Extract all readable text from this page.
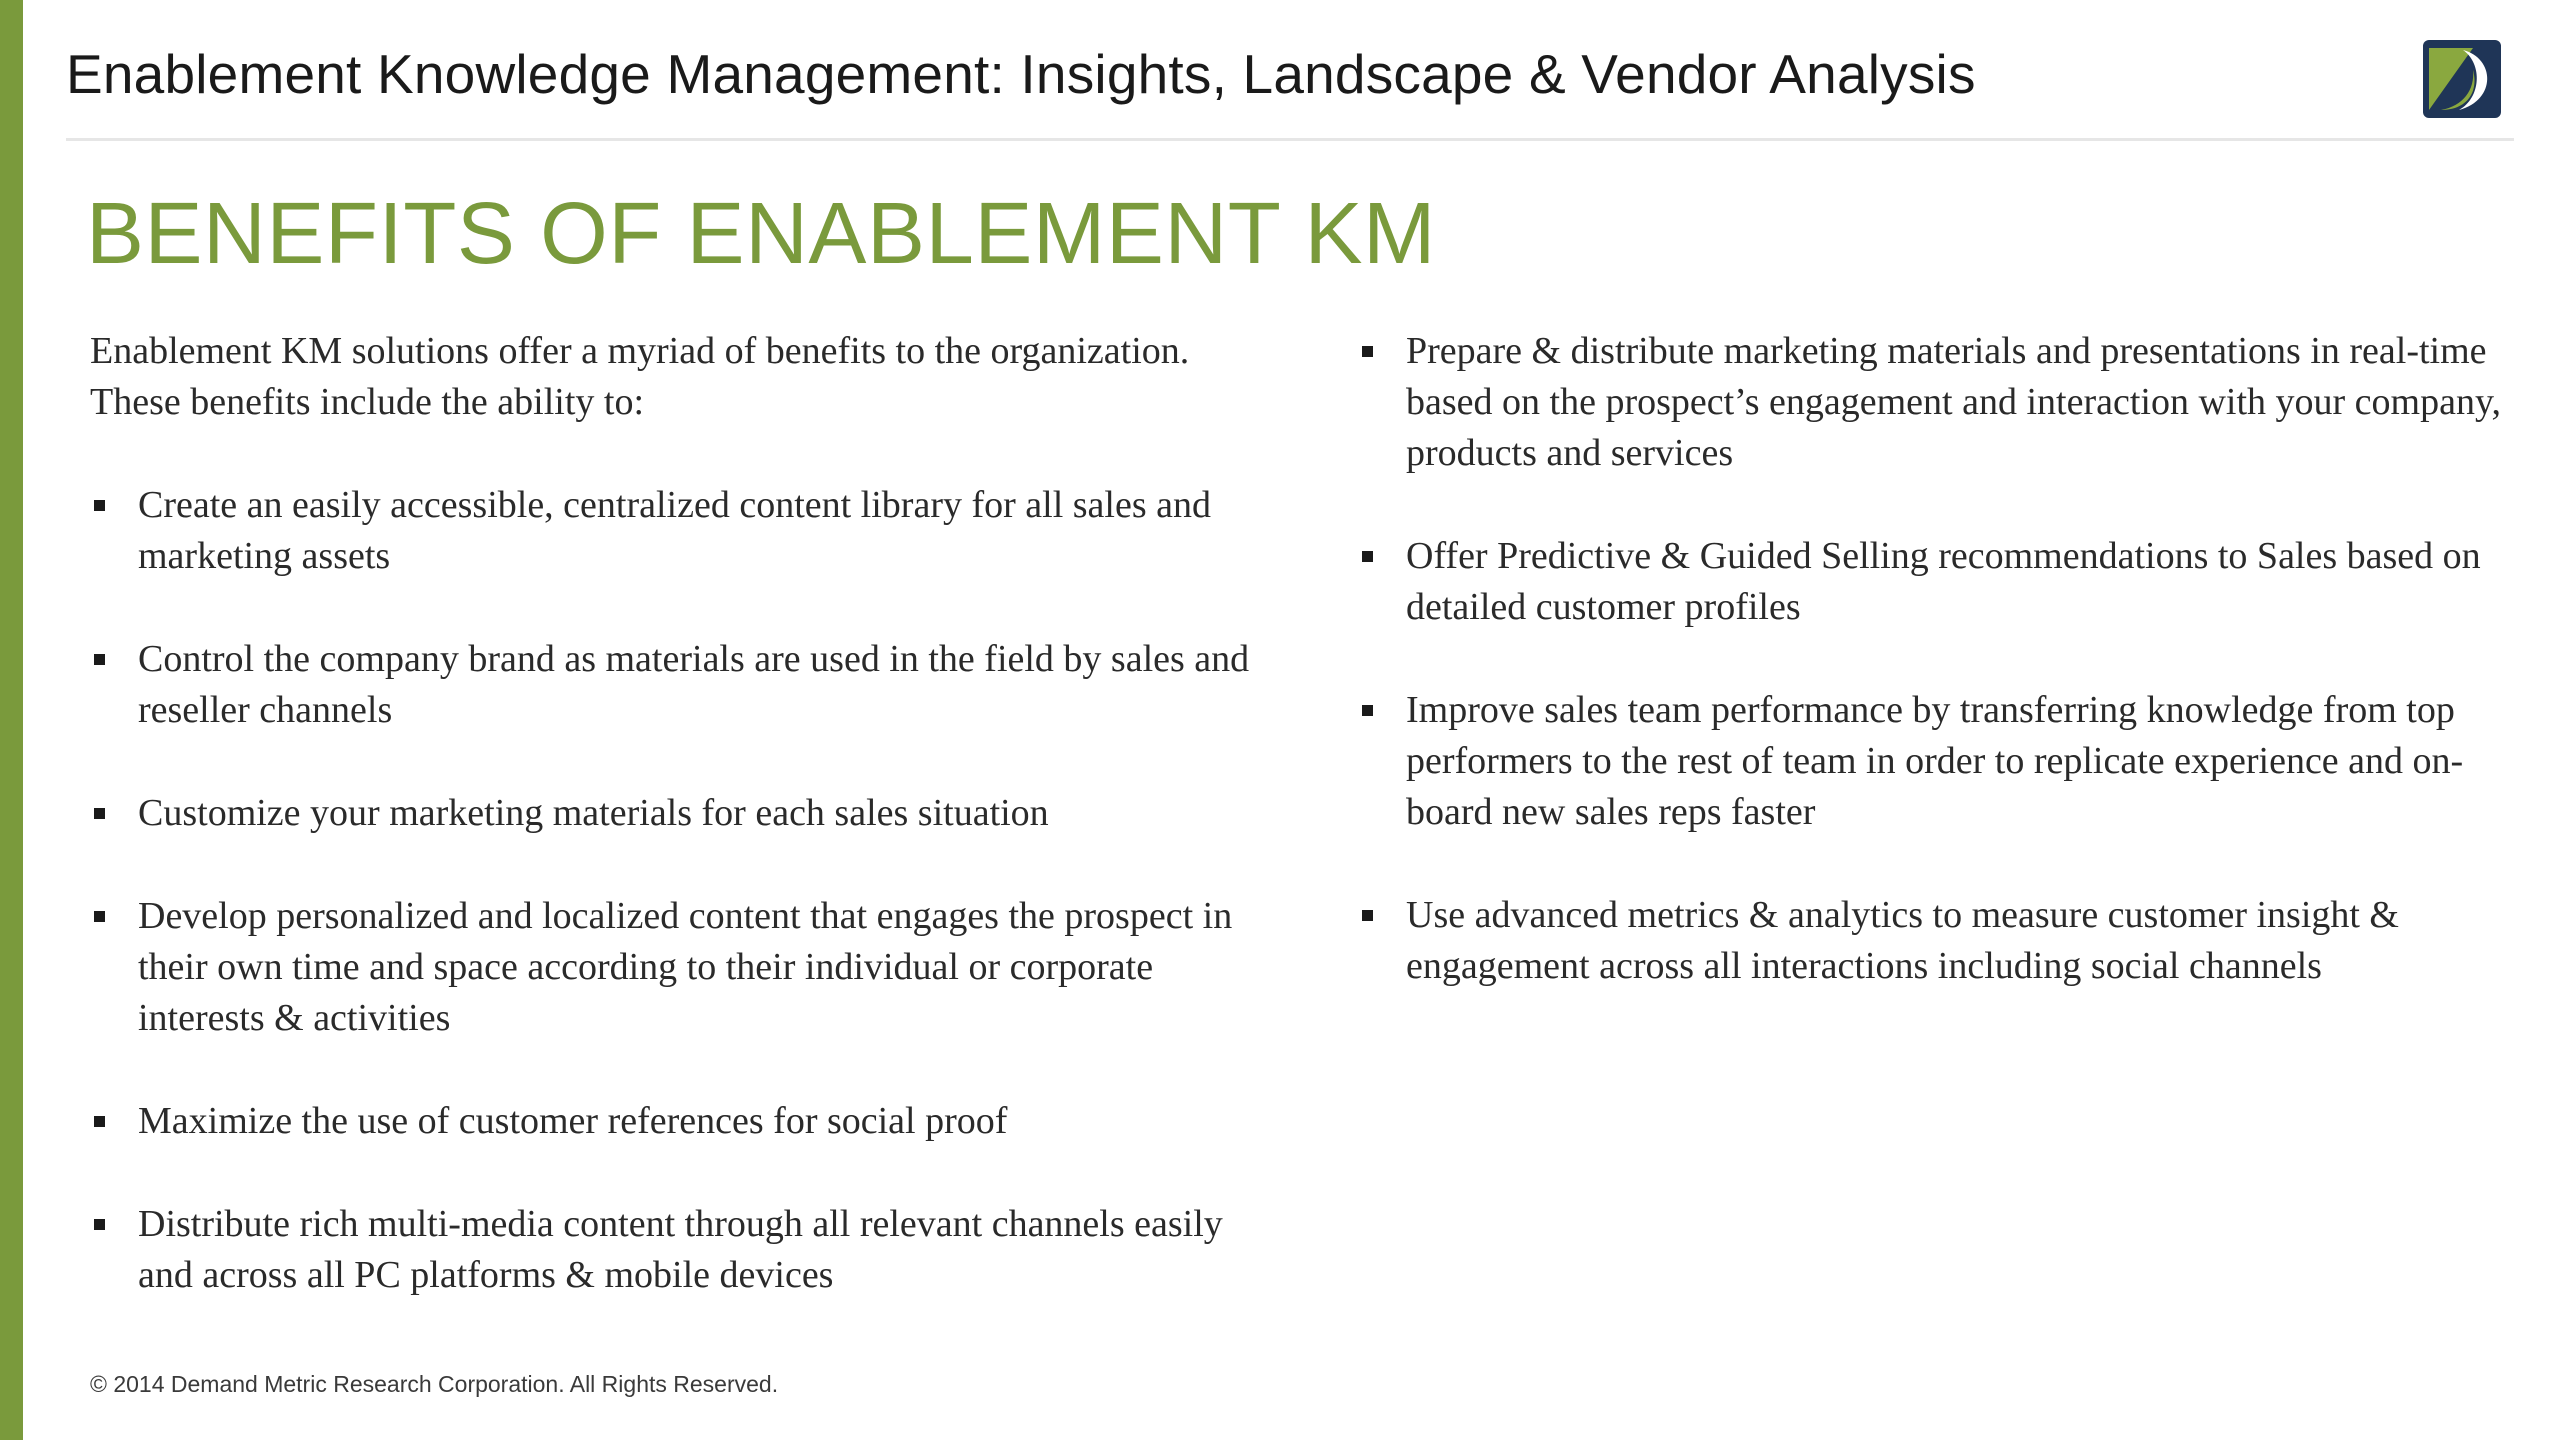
Enablement Knowledge Management: Insights, Landscape & Vendor Analysis
BENEFITS OF ENABLEMENT KM

Enablement KM solutions offer a myriad of benefits to the organization. These benefits include the ability to:

Create an easily accessible, centralized content library for all sales and marketing assets
Control the company brand as materials are used in the field by sales and reseller channels
Customize your marketing materials for each sales situation
Develop personalized and localized content that engages the prospect in their own time and space according to their individual or corporate interests & activities
Maximize the use of customer references for social proof
Distribute rich multi-media content through all relevant channels easily and across all PC platforms & mobile devices
Prepare & distribute marketing materials and presentations in real-time based on the prospect’s engagement and interaction with your company, products and services
Offer Predictive & Guided Selling recommendations to Sales based on detailed customer profiles
Improve sales team performance by transferring knowledge from top performers to the rest of team in order to replicate experience and on-board new sales reps faster
Use advanced metrics & analytics to measure customer insight & engagement across all interactions including social channels
© 2014 Demand Metric Research Corporation. All Rights Reserved.
